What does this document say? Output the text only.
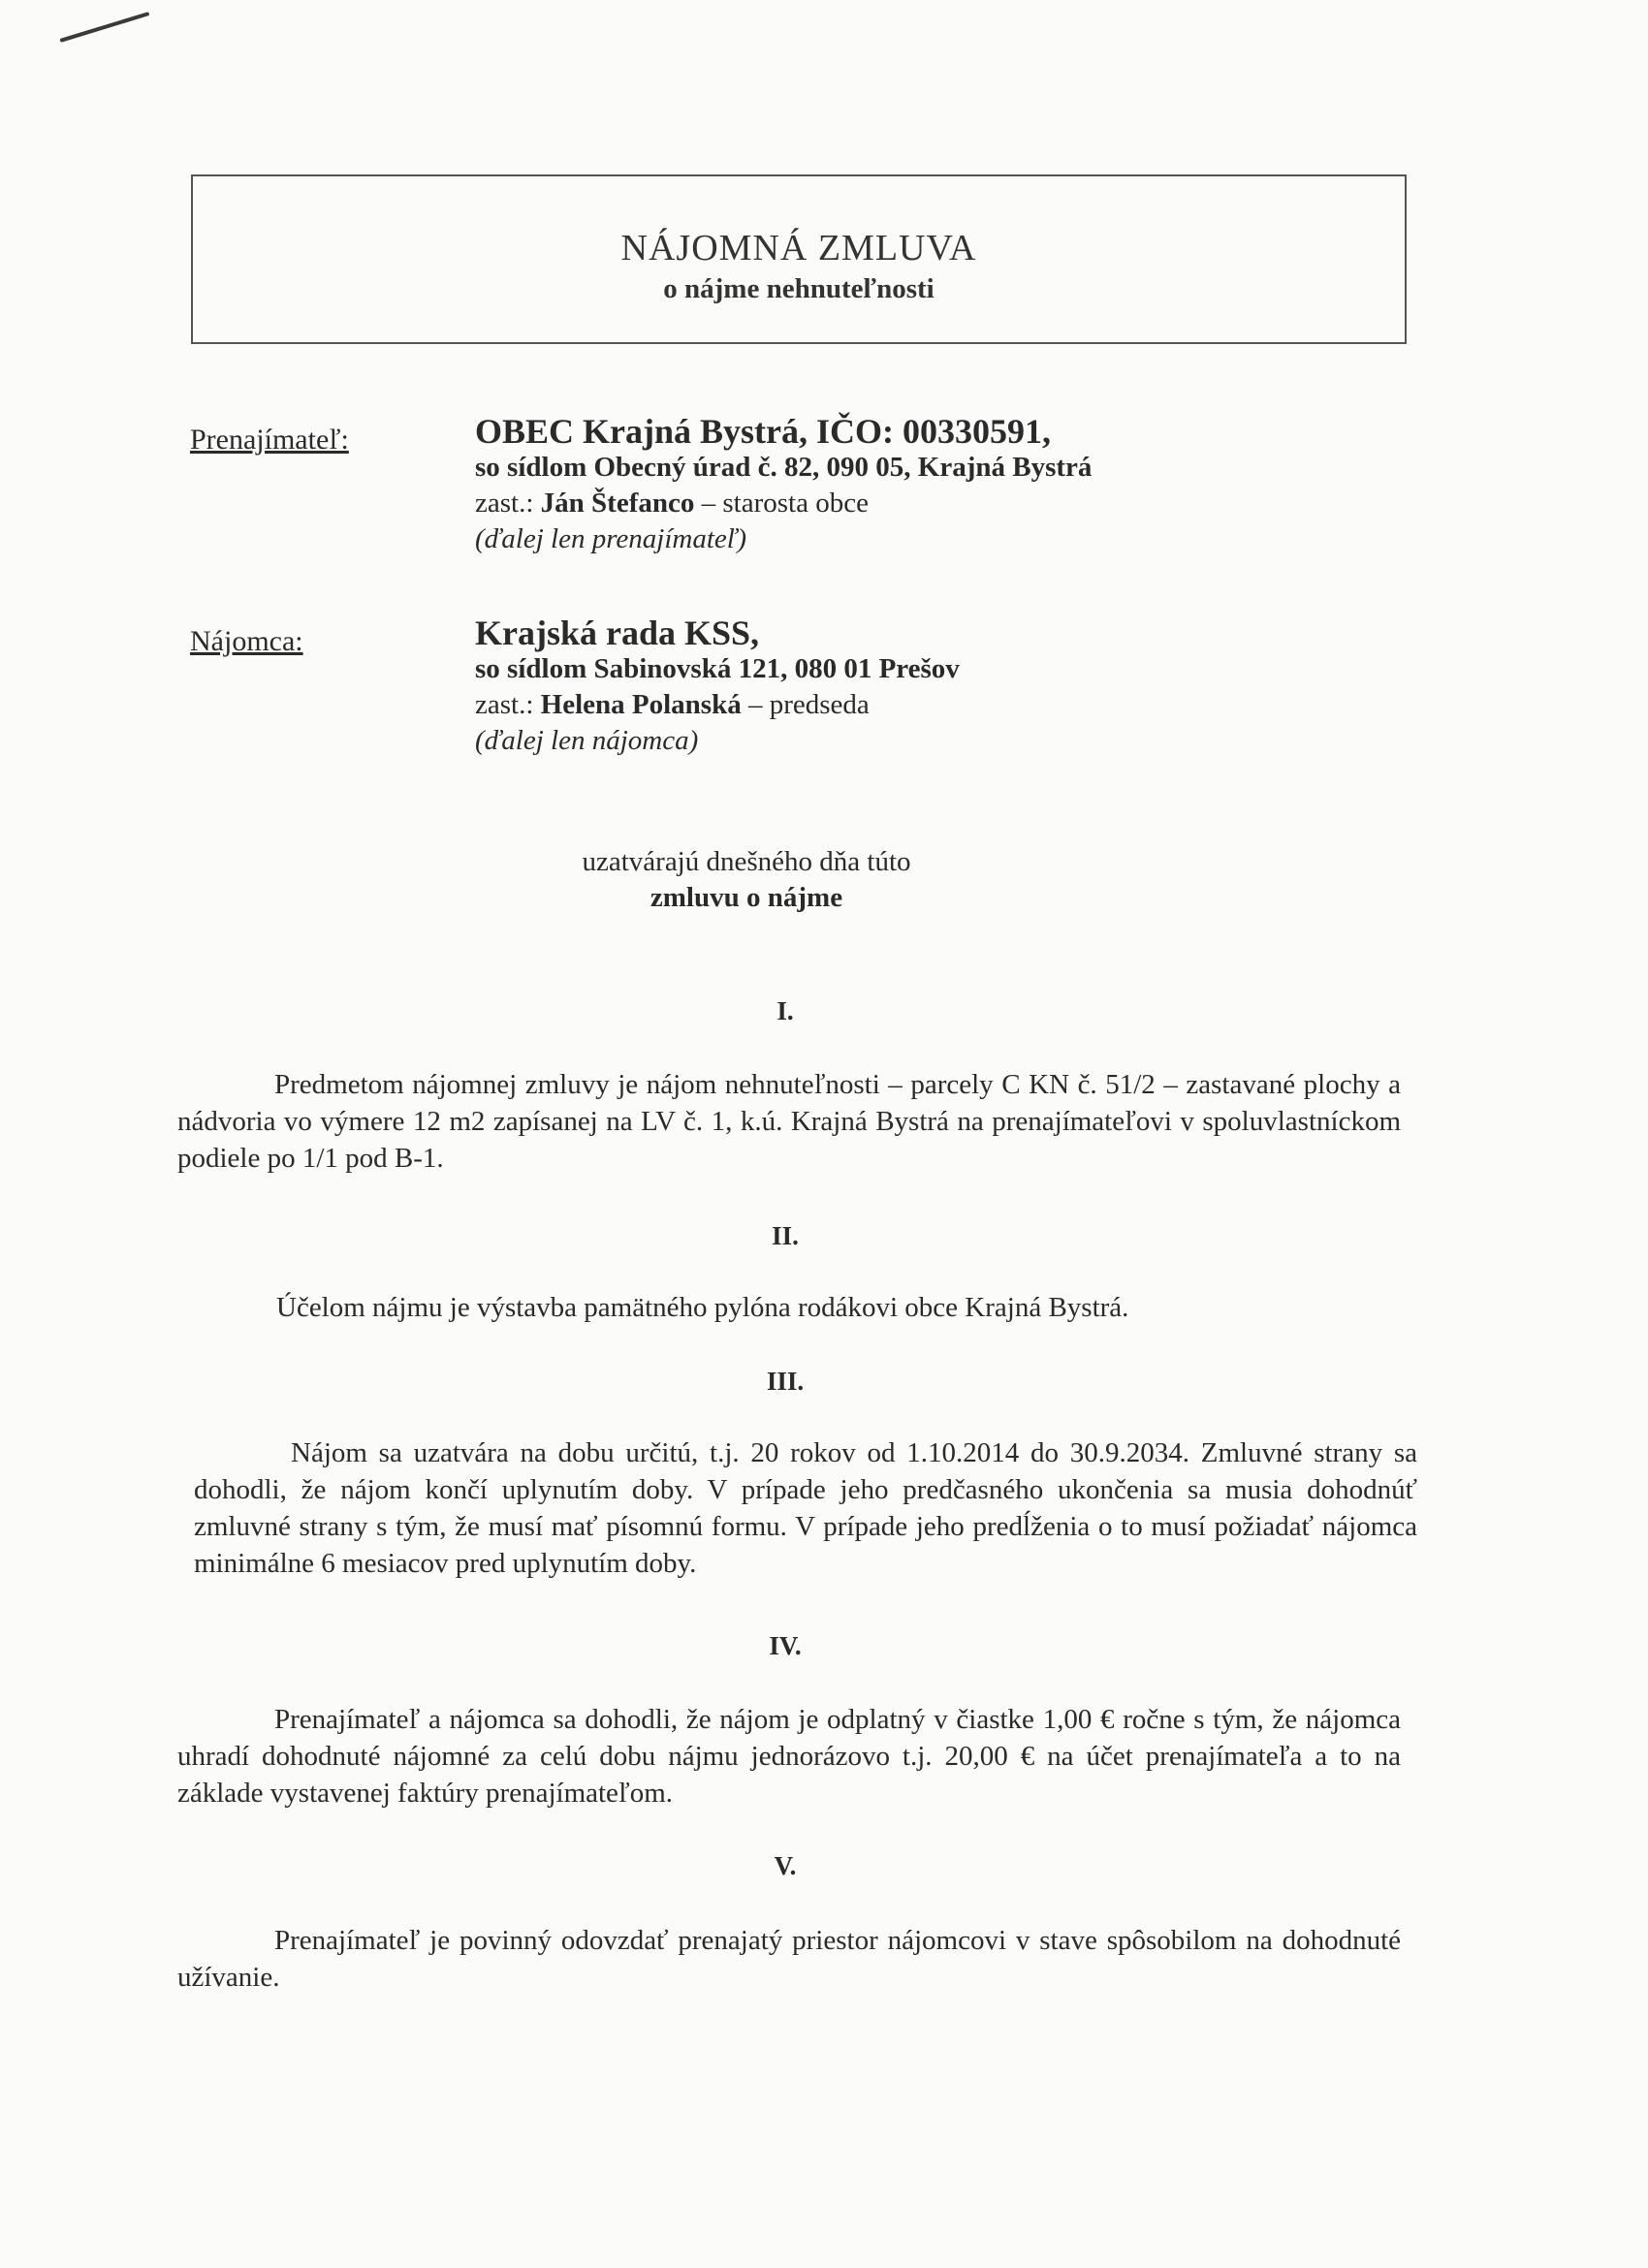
NÁJOMNÁ ZMLUVA
o nájme nehnuteľnosti
Prenajímateľ:	OBEC Krajná Bystrá, IČO: 00330591,
so sídlom Obecný úrad č. 82, 090 05, Krajná Bystrá
zast.: Ján Štefanco – starosta obce
(ďalej len prenajímateľ)
Nájomca:	Krajská rada KSS,
so sídlom Sabinovská 121, 080 01 Prešov
zast.: Helena Polanská – predseda
(ďalej len nájomca)
uzatvárajú dnešného dňa túto
zmluvu o nájme
I.
Predmetom nájomnej zmluvy je nájom nehnuteľnosti – parcely C KN č. 51/2 – zastavané plochy a nádvoria vo výmere 12 m2 zapísanej na LV č. 1, k.ú. Krajná Bystrá na prenajímateľovi v spoluvlastníckom podiele po 1/1 pod B-1.
II.
Účelom nájmu je výstavba pamätného pylóna rodákovi obce Krajná Bystrá.
III.
Nájom sa uzatvára na dobu určitú, t.j. 20 rokov od 1.10.2014 do 30.9.2034. Zmluvné strany sa dohodli, že nájom končí uplynutím doby. V prípade jeho predčasného ukončenia sa musia dohodnúť zmluvné strany s tým, že musí mať písomnú formu. V prípade jeho predĺženia o to musí požiadať nájomca minimálne 6 mesiacov pred uplynutím doby.
IV.
Prenajímateľ a nájomca sa dohodli, že nájom je odplatný v čiastke 1,00 € ročne s tým, že nájomca uhradí dohodnuté nájomné za celú dobu nájmu jednorázovo t.j. 20,00 € na účet prenajímateľa a to na základe vystavenej faktúry prenajímateľom.
V.
Prenajímateľ je povinný odovzdať prenajatý priestor nájomcovi v stave spôsobilom na dohodnuté užívanie.
